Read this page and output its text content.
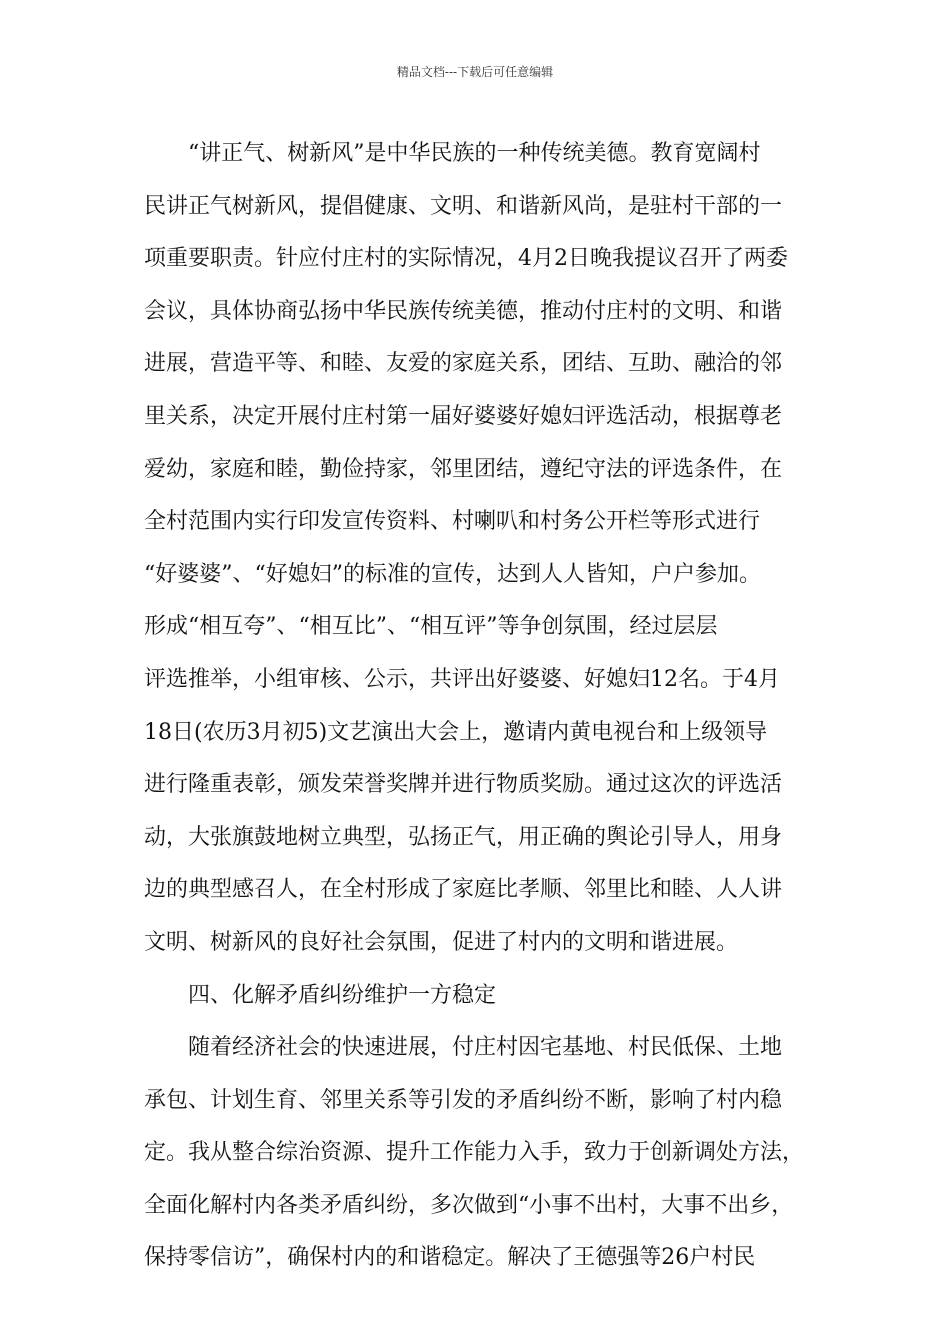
精品文档---下载后可任意编辑
“讲正气、树新风”是中华民族的一种传统美德。教育宽阔村
民讲正气树新风，提倡健康、文明、和谐新风尚，是驻村干部的一
项重要职责。针应付庄村的实际情况，4月2日晚我提议召开了两委
会议，具体协商弘扬中华民族传统美德，推动付庄村的文明、和谐
进展，营造平等、和睦、友爱的家庭关系，团结、互助、融洽的邻
里关系，决定开展付庄村第一届好婆婆好媳妇评选活动，根据尊老
爱幼，家庭和睦，勤俭持家，邻里团结，遵纪守法的评选条件，在
全村范围内实行印发宣传资料、村喇叭和村务公开栏等形式进行
“好婆婆”、“好媳妇”的标准的宣传，达到人人皆知，户户参加。
形成“相互夸”、“相互比”、“相互评”等争创氛围，经过层层
评选推举，小组审核、公示，共评出好婆婆、好媳妇12名。于4月
18日(农历3月初5)文艺演出大会上，邀请内黄电视台和上级领导
进行隆重表彰，颁发荣誉奖牌并进行物质奖励。通过这次的评选活
动，大张旗鼓地树立典型，弘扬正气，用正确的舆论引导人，用身
边的典型感召人，在全村形成了家庭比孝顺、邻里比和睦、人人讲
文明、树新风的良好社会氛围，促进了村内的文明和谐进展。
四、化解矛盾纠纷维护一方稳定
随着经济社会的快速进展，付庄村因宅基地、村民低保、土地
承包、计划生育、邻里关系等引发的矛盾纠纷不断，影响了村内稳
定。我从整合综治资源、提升工作能力入手，致力于创新调处方法，
全面化解村内各类矛盾纠纷，多次做到“小事不出村，大事不出乡，
保持零信访”，确保村内的和谐稳定。解决了王德强等26户村民
